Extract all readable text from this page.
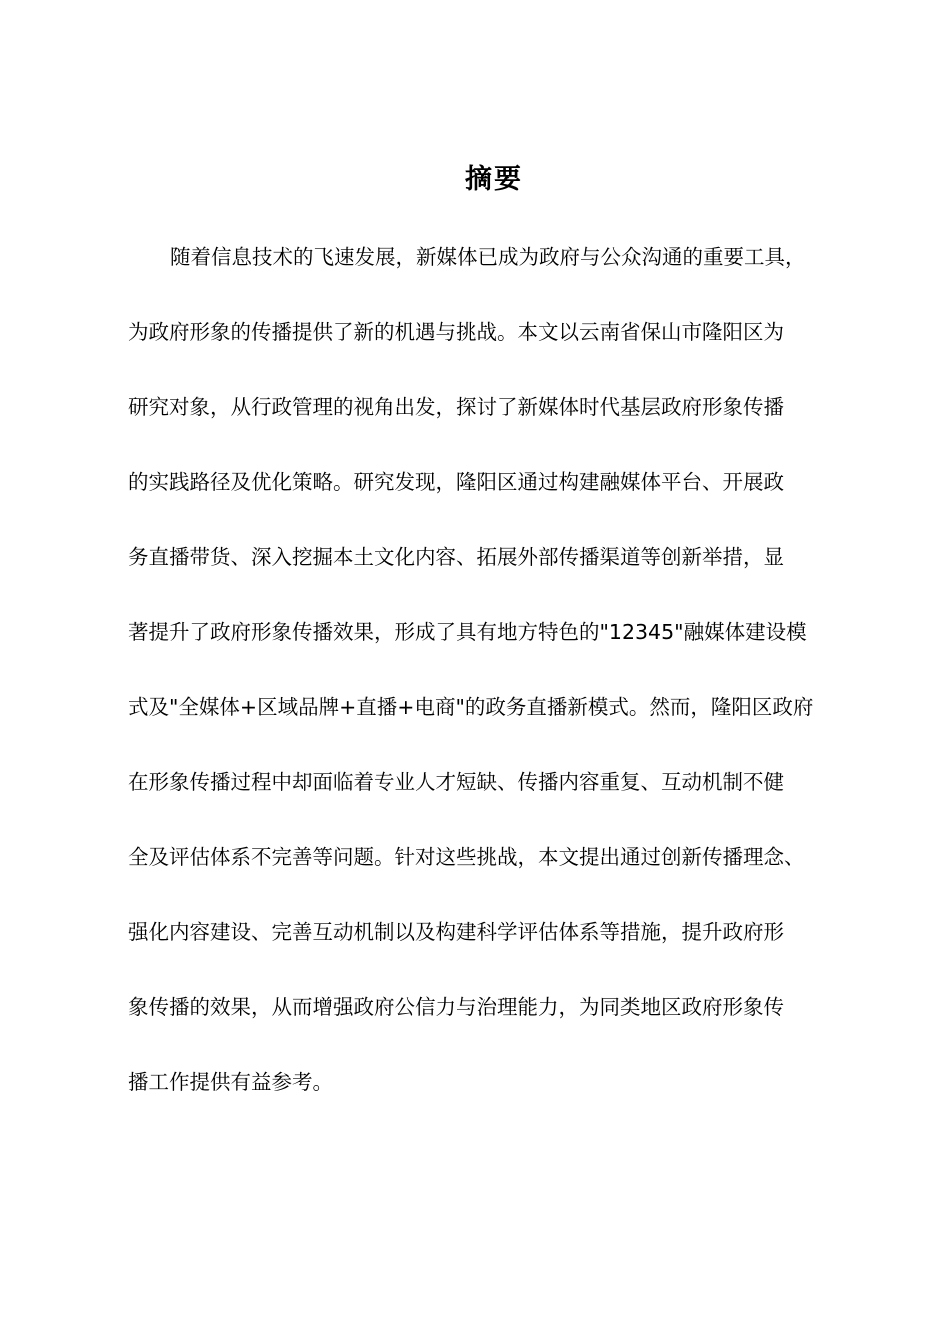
摘要
随着信息技术的飞速发展，新媒体已成为政府与公众沟通的重要工具，
为政府形象的传播提供了新的机遇与挑战。本文以云南省保山市隆阳区为
研究对象，从行政管理的视角出发，探讨了新媒体时代基层政府形象传播
的实践路径及优化策略。研究发现，隆阳区通过构建融媒体平台、开展政
务直播带货、深入挖掘本土文化内容、拓展外部传播渠道等创新举措，显
著提升了政府形象传播效果，形成了具有地方特色的"12345"融媒体建设模
式及"全媒体+区域品牌+直播+电商"的政务直播新模式。然而，隆阳区政府
在形象传播过程中却面临着专业人才短缺、传播内容重复、互动机制不健
全及评估体系不完善等问题。针对这些挑战，本文提出通过创新传播理念、
强化内容建设、完善互动机制以及构建科学评估体系等措施，提升政府形
象传播的效果，从而增强政府公信力与治理能力，为同类地区政府形象传
播工作提供有益参考。
